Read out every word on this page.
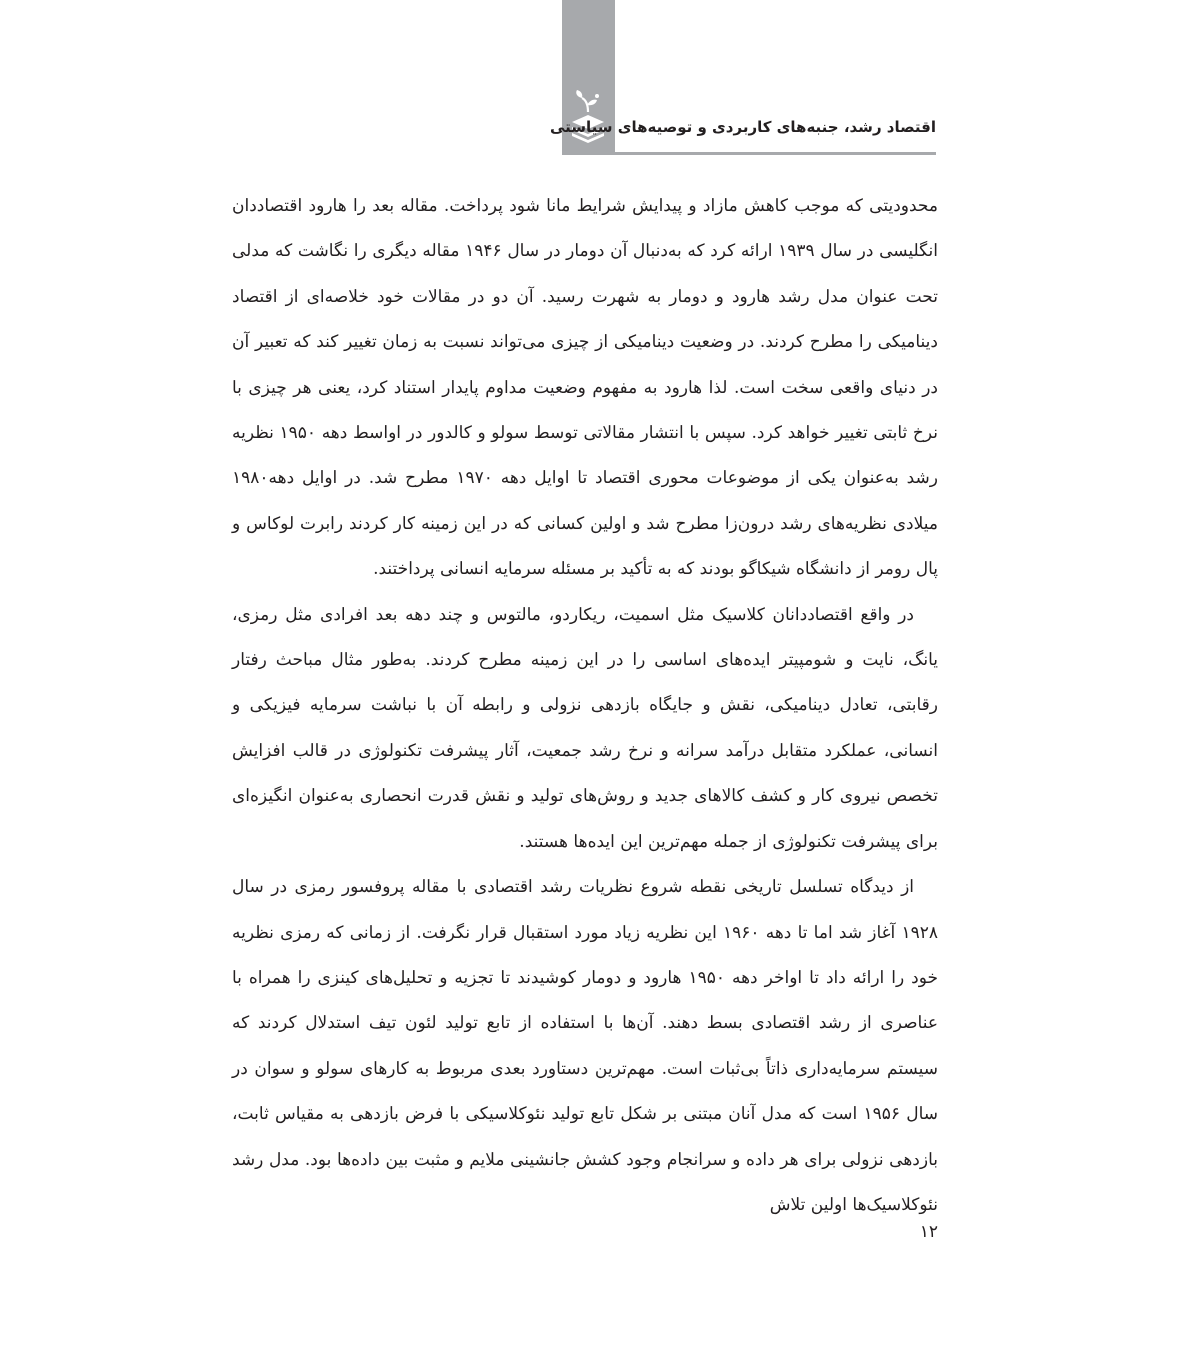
اقتصاد رشد، جنبه‌های کاربردی و توصیه‌های سیاستی

محدودیتی که موجب کاهش مازاد و پیدایش شرایط مانا شود پرداخت. مقاله بعد را هارود اقتصاددان انگلیسی در سال ۱۹۳۹ ارائه کرد که به‌دنبال آن دومار در سال ۱۹۴۶ مقاله دیگری را نگاشت که مدلی تحت عنوان مدل رشد هارود و دومار به شهرت رسید. آن دو در مقالات خود خلاصه‌ای از اقتصاد دینامیکی را مطرح کردند. در وضعیت دینامیکی از چیزی می‌تواند نسبت به زمان تغییر کند که تعبیر آن در دنیای واقعی سخت است. لذا هارود به مفهوم وضعیت مداوم پایدار استناد کرد، یعنی هر چیزی با نرخ ثابتی تغییر خواهد کرد. سپس با انتشار مقالاتی توسط سولو و کالدور در اواسط دهه ۱۹۵۰ نظریه رشد به‌عنوان یکی از موضوعات محوری اقتصاد تا اوایل دهه ۱۹۷۰ مطرح شد. در اوایل دهه۱۹۸۰ میلادی نظریه‌های رشد درون‌زا مطرح شد و اولین کسانی که در این زمینه کار کردند رابرت لوکاس و پال رومر از دانشگاه شیکاگو بودند که به تأکید بر مسئله سرمایه انسانی پرداختند.

در واقع اقتصاددانان کلاسیک مثل اسمیت، ریکاردو، مالتوس و چند دهه بعد افرادی مثل رمزی، یانگ، نایت و شومپیتر ایده‌های اساسی را در این زمینه مطرح کردند. به‌طور مثال مباحث رفتار رقابتی، تعادل دینامیکی، نقش و جایگاه بازدهی نزولی و رابطه آن با نباشت سرمایه فیزیکی و انسانی، عملکرد متقابل درآمد سرانه و نرخ رشد جمعیت، آثار پیشرفت تکنولوژی در قالب افزایش تخصص نیروی کار و کشف کالاهای جدید و روش‌های تولید و نقش قدرت انحصاری به‌عنوان انگیزه‌ای برای پیشرفت تکنولوژی از جمله مهم‌ترین این ایده‌ها هستند.

از دیدگاه تسلسل تاریخی نقطه شروع نظریات رشد اقتصادی با مقاله پروفسور رمزی در سال ۱۹۲۸ آغاز شد اما تا دهه ۱۹۶۰ این نظریه زیاد مورد استقبال قرار نگرفت. از زمانی که رمزی نظریه خود را ارائه داد تا اواخر دهه ۱۹۵۰ هارود و دومار کوشیدند تا تجزیه و تحلیل‌های کینزی را همراه با عناصری از رشد اقتصادی بسط دهند. آن‌ها با استفاده از تابع تولید لئون تیف استدلال کردند که سیستم سرمایه‌داری ذاتاً بی‌ثبات است. مهم‌ترین دستاورد بعدی مربوط به کارهای سولو و سوان در سال ۱۹۵۶ است که مدل آنان مبتنی بر شکل تابع تولید نئوکلاسیکی با فرض بازدهی به مقیاس ثابت، بازدهی نزولی برای هر داده و سرانجام وجود کشش جانشینی ملایم و مثبت بین داده‌ها بود. مدل رشد نئوکلاسیک‌ها اولین تلاش

۱۲
